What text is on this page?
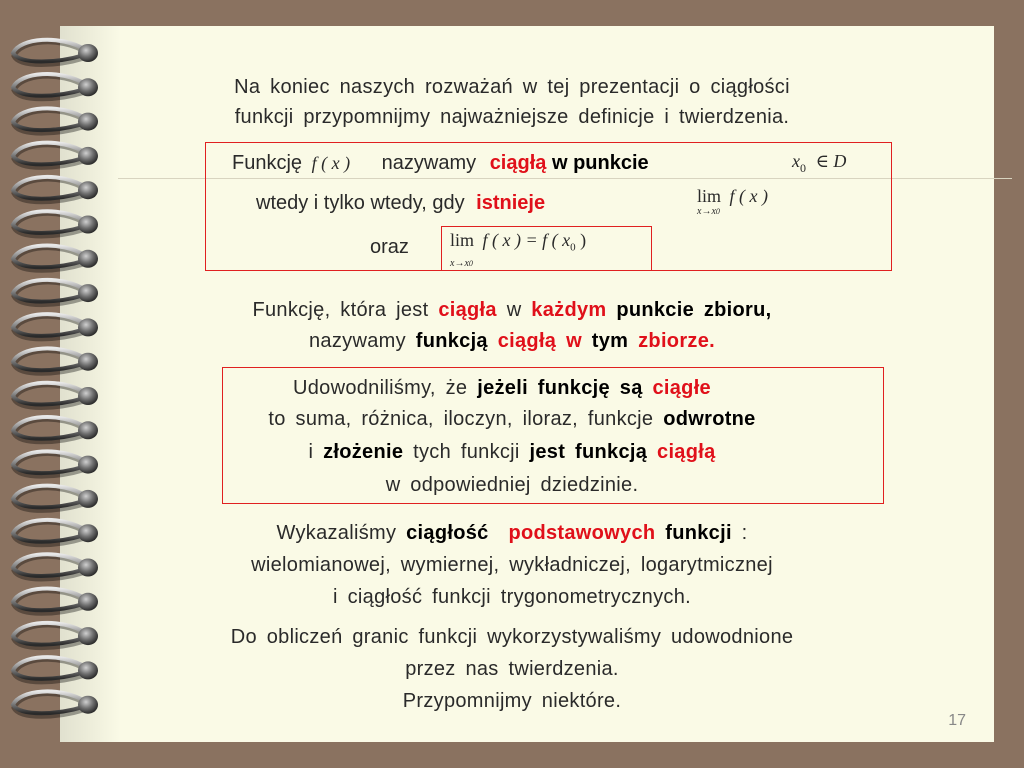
Na koniec naszych rozważań w tej prezentacji o ciągłości
funkcji przypomnijmy najważniejsze definicje i twierdzenia.
Funkcję f ( x ) nazywamy ciągłą w punkcie	$x_0$ ∈ D
wtedy i tylko wtedy, gdy istnieje	lim f ( x )
x→x0
oraz lim f ( x ) = f ( $x_0$ )
x→x0
Funkcję, która jest ciągła w każdym punkcie zbioru,
nazywamy funkcją ciągłą w tym zbiorze.
Udowodniliśmy, że jeżeli funkcję są ciągłe
to suma, różnica, iloczyn, iloraz, funkcje odwrotne
i złożenie tych funkcji jest funkcją ciągłą
w odpowiedniej dziedzinie.
Wykazaliśmy ciągłość podstawowych funkcji :
wielomianowej, wymiernej, wykładniczej, logarytmicznej
i ciągłość funkcji trygonometrycznych.
Do obliczeń granic funkcji wykorzystywaliśmy udowodnione
przez nas twierdzenia.
Przypomnijmy niektóre.
17
